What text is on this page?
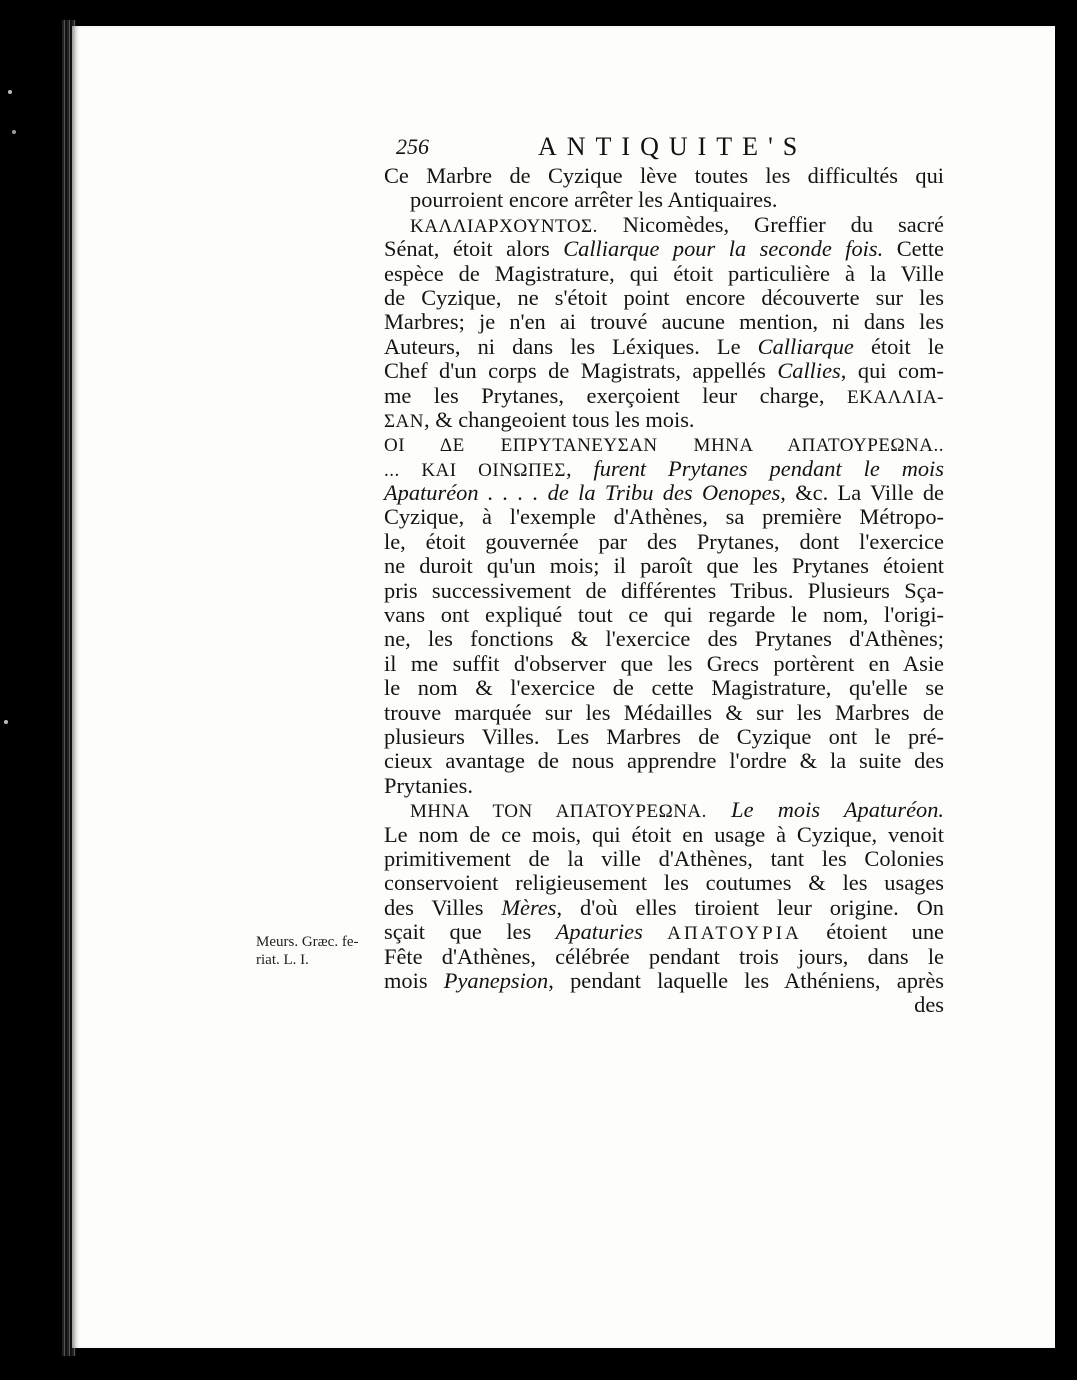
256	ANTIQUITE'S
Meurs. Græc. fe-
riat. L. I.
Ce Marbre de Cyzique lève toutes les difficultés qui
pourroient encore arrêter les Antiquaires.
ΚΑΛΛΙΑΡΧΟΥΝΤΟΣ. Nicomèdes, Greffier du sacré
Sénat, étoit alors Calliarque pour la seconde fois. Cette
espèce de Magistrature, qui étoit particulière à la Ville
de Cyzique, ne s'étoit point encore découverte sur les
Marbres; je n'en ai trouvé aucune mention, ni dans les
Auteurs, ni dans les Léxiques. Le Calliarque étoit le
Chef d'un corps de Magistrats, appellés Callies, qui com-
me les Prytanes, exerçoient leur charge, ΕΚΑΛΛΙΑ-
ΣΑΝ, & changeoient tous les mois.
ΟΙ ΔΕ ΕΠΡΥΤΑΝΕΥΣΑΝ ΜΗΝΑ ΑΠΑΤΟΥΡΕΩΝΑ..
... ΚΑΙ ΟΙΝΩΠΕΣ, furent Prytanes pendant le mois
Apaturéon . . . . de la Tribu des Oenopes, &c. La Ville de
Cyzique, à l'exemple d'Athènes, sa première Métropo-
le, étoit gouvernée par des Prytanes, dont l'exercice
ne duroit qu'un mois; il paroît que les Prytanes étoient
pris successivement de différentes Tribus. Plusieurs Sça-
vans ont expliqué tout ce qui regarde le nom, l'origi-
ne, les fonctions & l'exercice des Prytanes d'Athènes;
il me suffit d'observer que les Grecs portèrent en Asie
le nom & l'exercice de cette Magistrature, qu'elle se
trouve marquée sur les Médailles & sur les Marbres de
plusieurs Villes. Les Marbres de Cyzique ont le pré-
cieux avantage de nous apprendre l'ordre & la suite des
Prytanies.
ΜΗΝΑ ΤΟΝ ΑΠΑΤΟΥΡΕΩΝΑ. Le mois Apaturéon.
Le nom de ce mois, qui étoit en usage à Cyzique, venoit
primitivement de la ville d'Athènes, tant les Colonies
conservoient religieusement les coutumes & les usages
des Villes Mères, d'où elles tiroient leur origine. On
sçait que les Apaturies ΑΠΑΤΟΥΡΙΑ étoient une
Fête d'Athènes, célébrée pendant trois jours, dans le
mois Pyanepsion, pendant laquelle les Athéniens, après
des
